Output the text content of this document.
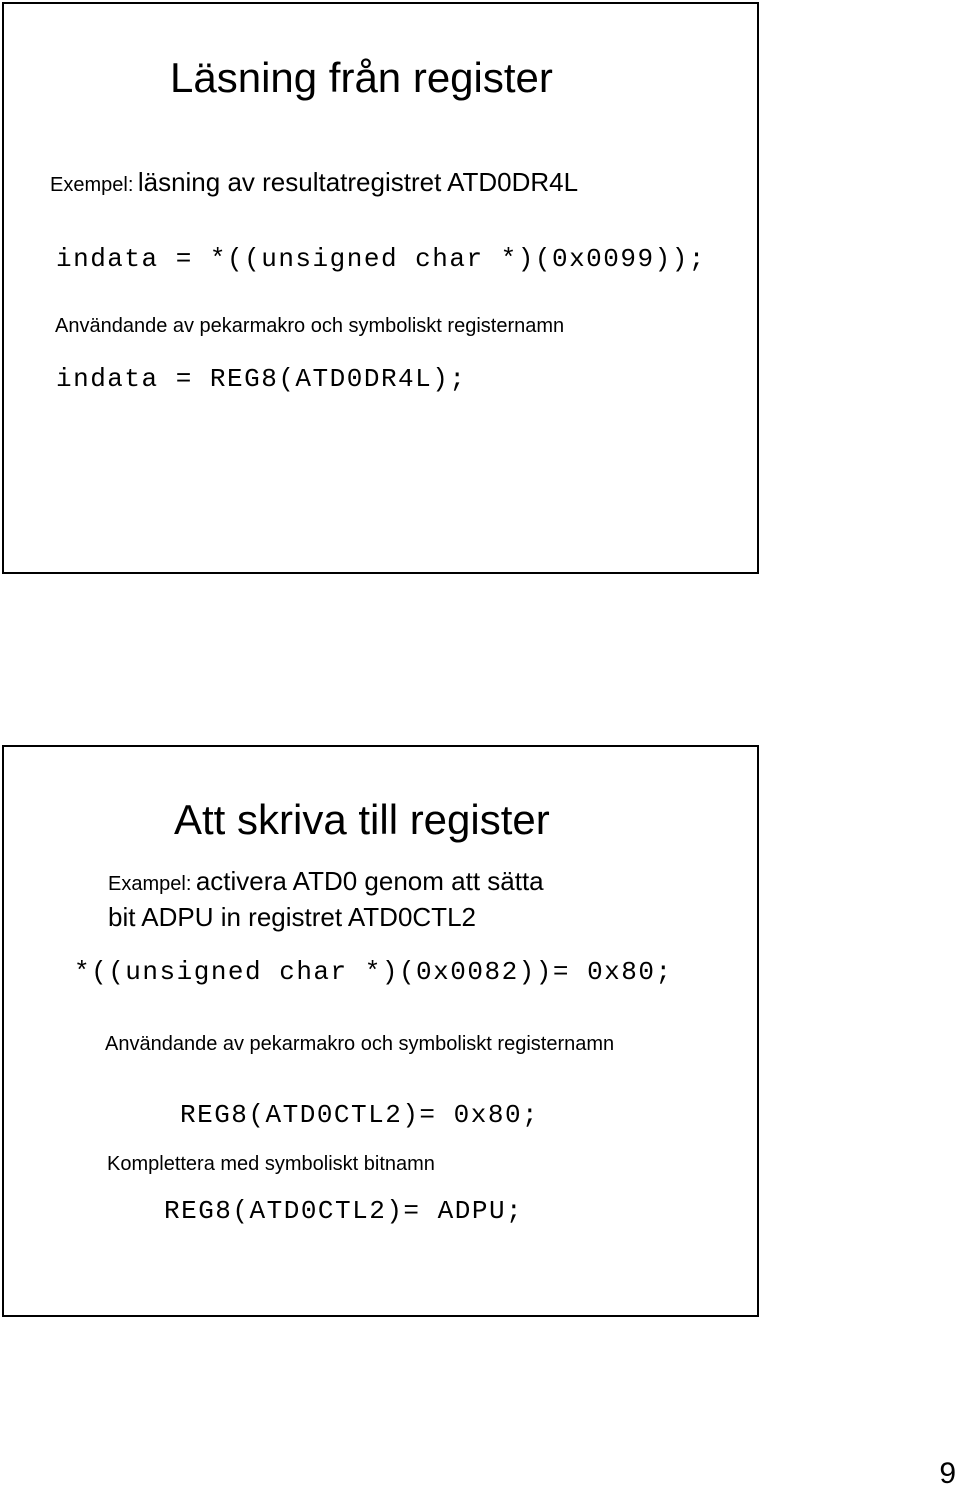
Läsning från register
Exempel: läsning av resultatregistret ATD0DR4L
indata = *((unsigned char *)(0x0099));
Användande av pekarmakro och symboliskt registernamn
indata = REG8(ATD0DR4L);
Att skriva till register
Exampel: activera ATD0 genom att sätta
bit ADPU in registret ATD0CTL2
*((unsigned char *)(0x0082))= 0x80;
Användande av pekarmakro och symboliskt registernamn
REG8(ATD0CTL2)= 0x80;
Komplettera med symboliskt bitnamn
REG8(ATD0CTL2)= ADPU;
9
